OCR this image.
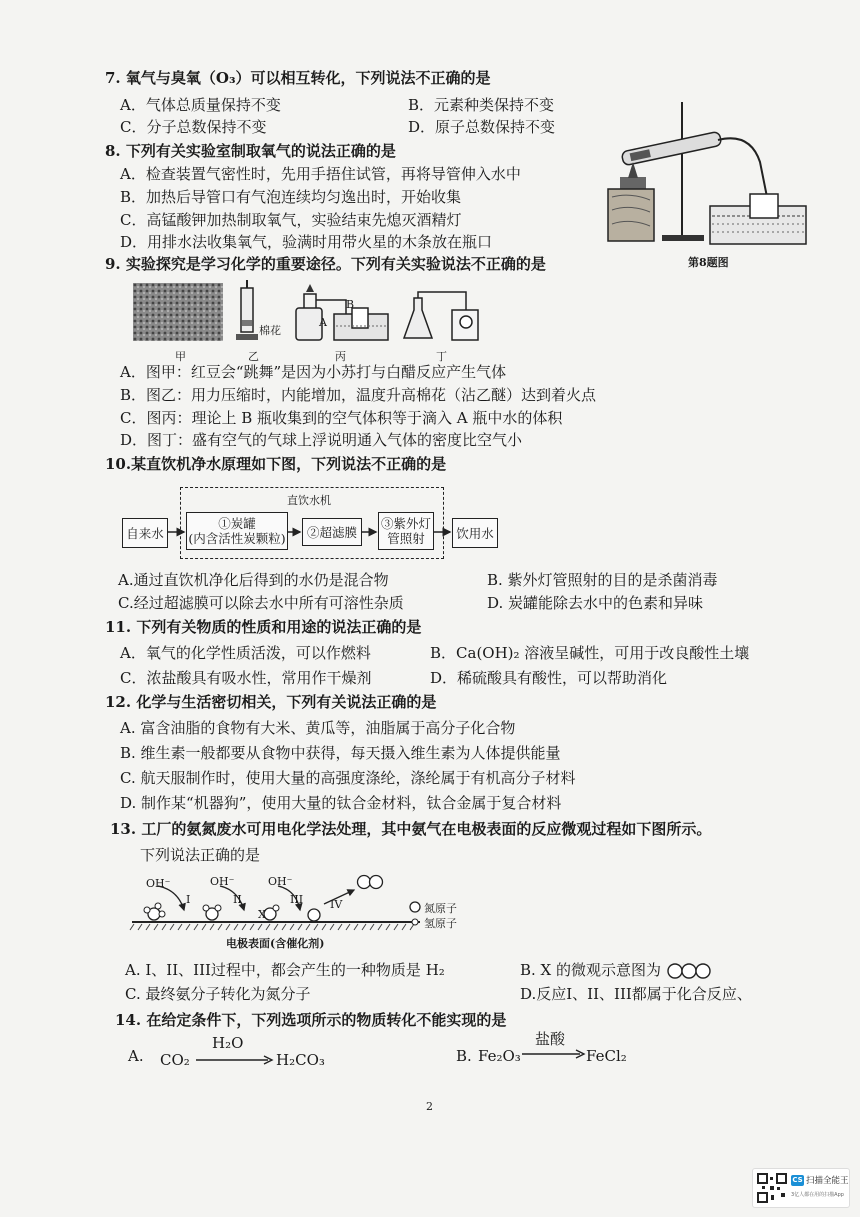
7. 氧气与臭氧（O₃）可以相互转化，下列说法不正确的是
A．气体总质量保持不变	B．元素种类保持不变
C．分子总数保持不变	D．原子总数保持不变
8. 下列有关实验室制取氧气的说法正确的是
A．检查装置气密性时，先用手捂住试管，再将导管伸入水中
B．加热后导管口有气泡连续均匀逸出时，开始收集
C．高锰酸钾加热制取氧气，实验结束先熄灭酒精灯
D．用排水法收集氧气，验满时用带火星的木条放在瓶口
第8题图
9. 实验探究是学习化学的重要途径。下列有关实验说法不正确的是
棉花
B
A
甲	乙	丙	丁
A．图甲：红豆会“跳舞”是因为小苏打与白醋反应产生气体
B．图乙：用力压缩时，内能增加，温度升高棉花（沾乙醚）达到着火点
C．图丙：理论上 B 瓶收集到的空气体积等于滴入 A 瓶中水的体积
D．图丁：盛有空气的气球上浮说明通入气体的密度比空气小
10.某直饮机净水原理如下图，下列说法不正确的是
直饮水机
自来水
①炭罐
(内含活性炭颗粒) ②超滤膜
③紫外灯
管照射	饮用水
A.通过直饮机净化后得到的水仍是混合物	B. 紫外灯管照射的目的是杀菌消毒
C.经过超滤膜可以除去水中所有可溶性杂质	D. 炭罐能除去水中的色素和异味
11. 下列有关物质的性质和用途的说法正确的是
A．氧气的化学性质活泼，可以作燃料	B．Ca(OH)₂ 溶液呈碱性，可用于改良酸性土壤
C．浓盐酸具有吸水性，常用作干燥剂	D．稀硫酸具有酸性，可以帮助消化
12. 化学与生活密切相关，下列有关说法正确的是
A. 富含油脂的食物有大米、黄瓜等，油脂属于高分子化合物
B. 维生素一般都要从食物中获得，每天摄入维生素为人体提供能量
C. 航天服制作时，使用大量的高强度涤纶，涤纶属于有机高分子材料
D. 制作某“机器狗”，使用大量的钛合金材料，钛合金属于复合材料
13. 工厂的氨氮废水可用电化学法处理，其中氨气在电极表面的反应微观过程如下图所示。
下列说法正确的是
OH⁻	OH⁻	OH⁻
I	II	III IV
X	氮原子
氢原子
电极表面(含催化剂)
A. I、II、III过程中，都会产生的一种物质是 H₂	B. X 的微观示意图为
C. 最终氨分子转化为氮分子	D.反应I、II、III都属于化合反应、
14. 在给定条件下，下列选项所示的物质转化不能实现的是
A. CO₂
H₂O
H₂CO₃	B. Fe₂O₃
盐酸
FeCl₂
2
CS 扫描全能王
3亿人都在用的扫描App
